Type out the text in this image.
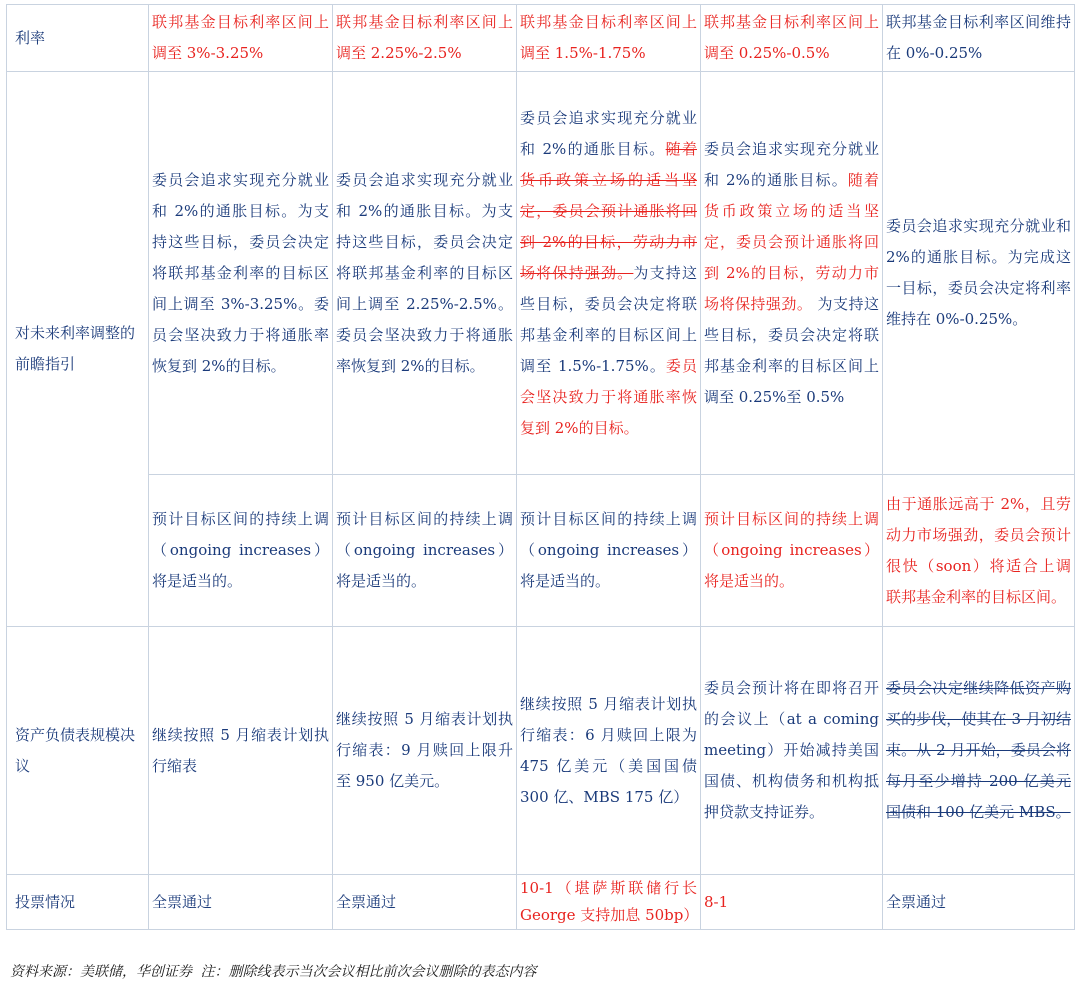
利率	联邦基金目标利率区间上调至 3%-3.25%	联邦基金目标利率区间上调至 2.25%-2.5%	联邦基金目标利率区间上调至 1.5%-1.75%	联邦基金目标利率区间上调至 0.25%-0.5%	联邦基金目标利率区间维持在 0%-0.25%
对未来利率调整的前瞻指引	委员会追求实现充分就业和 2%的通胀目标。为支持这些目标，委员会决定将联邦基金利率的目标区间上调至 3%-3.25%。委员会坚决致力于将通胀率恢复到 2%的目标。	委员会追求实现充分就业和 2%的通胀目标。为支持这些目标，委员会决定将联邦基金利率的目标区间上调至 2.25%-2.5%。委员会坚决致力于将通胀率恢复到 2%的目标。	委员会追求实现充分就业和 2%的通胀目标。随着货币政策立场的适当坚定，委员会预计通胀将回到 2%的目标，劳动力市场将保持强劲。为支持这些目标，委员会决定将联邦基金利率的目标区间上调至 1.5%-1.75%。委员会坚决致力于将通胀率恢复到 2%的目标。	委员会追求实现充分就业和 2%的通胀目标。随着货币政策立场的适当坚定，委员会预计通胀将回到 2%的目标，劳动力市场将保持强劲。 为支持这些目标，委员会决定将联邦基金利率的目标区间上调至 0.25%至 0.5%	委员会追求实现充分就业和 2%的通胀目标。为完成这一目标，委员会决定将利率维持在 0%-0.25%。
	预计目标区间的持续上调（ongoing increases）将是适当的。	预计目标区间的持续上调（ongoing increases）将是适当的。	预计目标区间的持续上调（ongoing increases）将是适当的。	预计目标区间的持续上调（ongoing increases）将是适当的。	由于通胀远高于 2%，且劳动力市场强劲，委员会预计很快（soon）将适合上调联邦基金利率的目标区间。
资产负债表规模决议	继续按照 5 月缩表计划执行缩表	继续按照 5 月缩表计划执行缩表：9 月赎回上限升至 950 亿美元。	继续按照 5 月缩表计划执行缩表：6 月赎回上限为 475 亿美元（美国国债 300 亿、MBS 175 亿）	委员会预计将在即将召开的会议上（at a coming meeting）开始减持美国国债、机构债务和机构抵押贷款支持证券。	委员会决定继续降低资产购买的步伐，使其在 3 月初结束。从 2 月开始，委员会将每月至少增持 200 亿美元国债和 100 亿美元 MBS。
投票情况	全票通过	全票通过	10-1（堪萨斯联储行长 George 支持加息 50bp）	8-1	全票通过
资料来源：美联储，华创证券 注：删除线表示当次会议相比前次会议删除的表态内容
